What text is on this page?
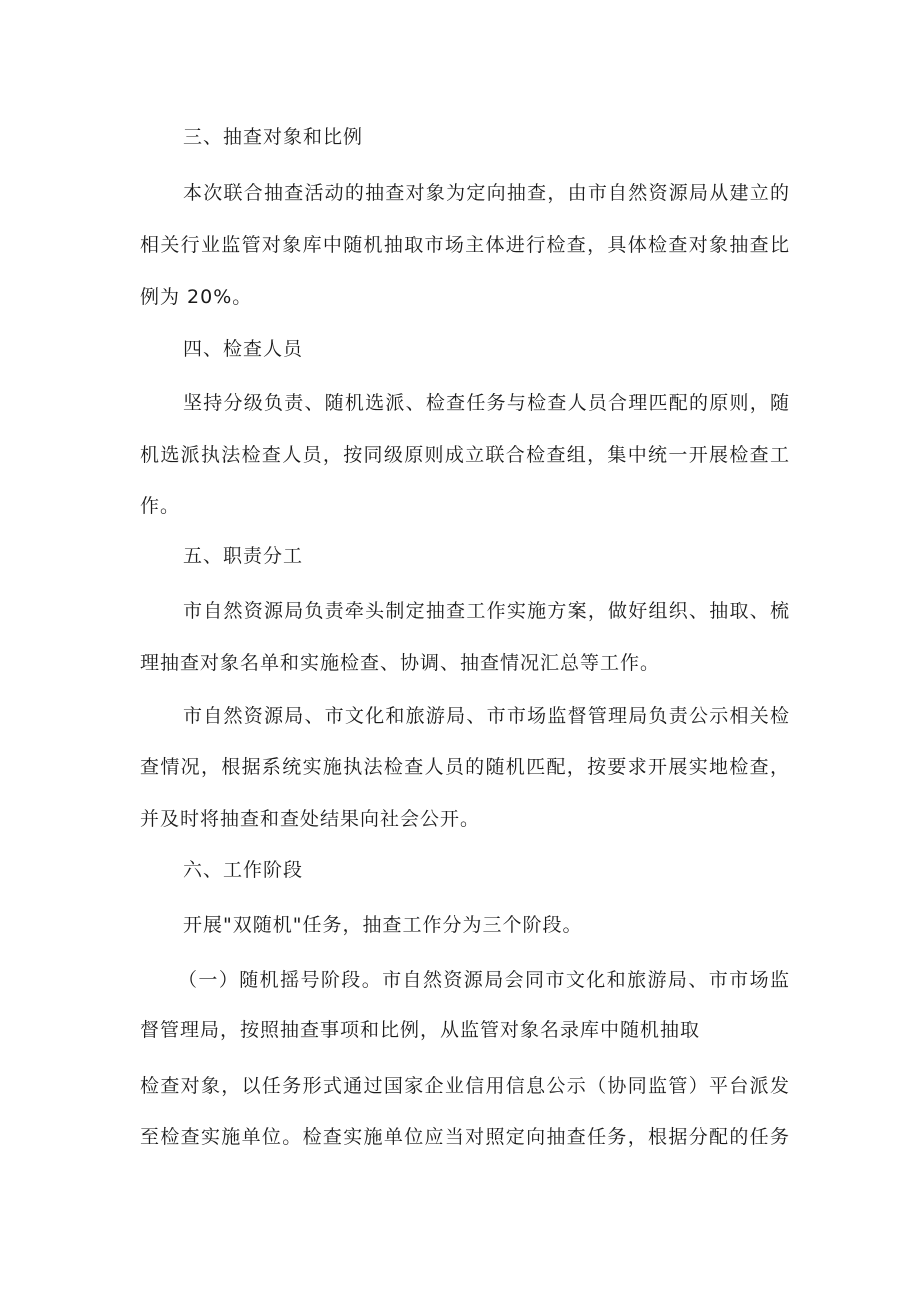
三、抽查对象和比例
本次联合抽查活动的抽查对象为定向抽查，由市自然资源局从建立的
相关行业监管对象库中随机抽取市场主体进行检查，具体检查对象抽查比
例为 20%。
四、检查人员
坚持分级负责、随机选派、检查任务与检查人员合理匹配的原则，随
机选派执法检查人员，按同级原则成立联合检查组，集中统一开展检查工
作。
五、职责分工
市自然资源局负责牵头制定抽查工作实施方案，做好组织、抽取、梳
理抽查对象名单和实施检查、协调、抽查情况汇总等工作。
市自然资源局、市文化和旅游局、市市场监督管理局负责公示相关检
查情况，根据系统实施执法检查人员的随机匹配，按要求开展实地检查，
并及时将抽查和查处结果向社会公开。
六、工作阶段
开展"双随机"任务，抽查工作分为三个阶段。
（一）随机摇号阶段。市自然资源局会同市文化和旅游局、市市场监
督管理局，按照抽查事项和比例，从监管对象名录库中随机抽取
检查对象，以任务形式通过国家企业信用信息公示（协同监管）平台派发
至检查实施单位。检查实施单位应当对照定向抽查任务，根据分配的任务
